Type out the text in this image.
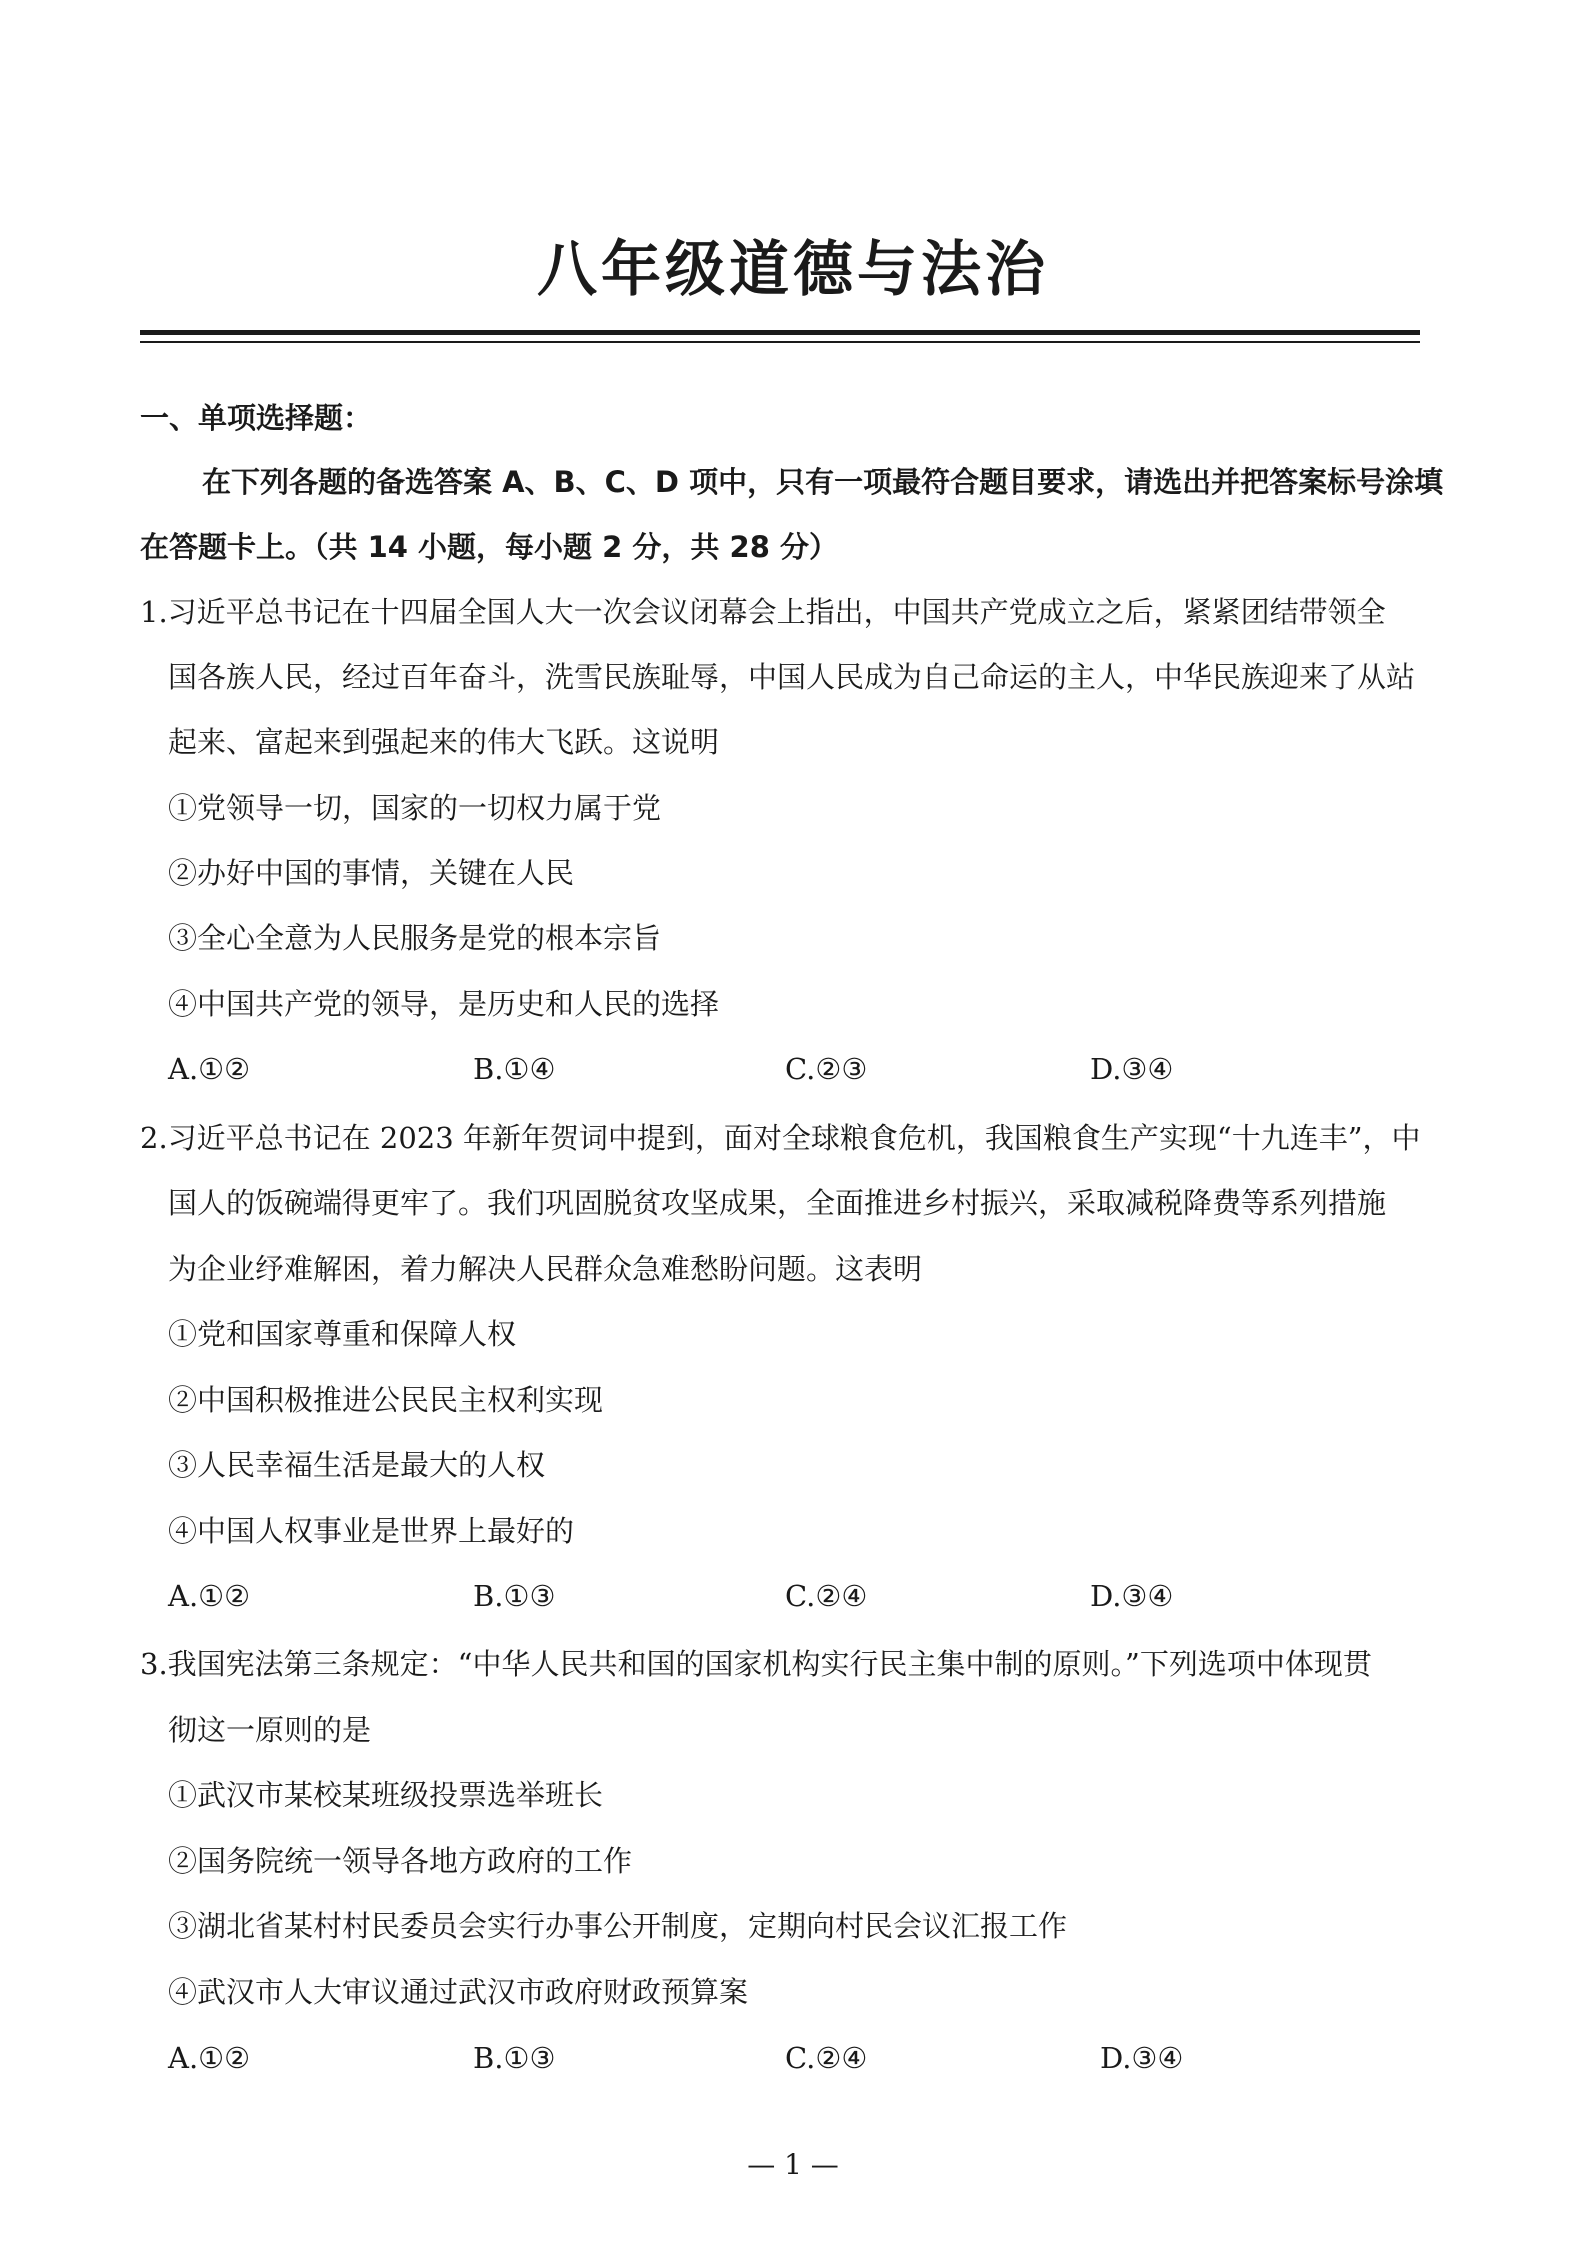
八年级道德与法治
一、单项选择题：
在下列各题的备选答案 A、B、C、D 项中，只有一项最符合题目要求，请选出并把答案标号涂填
在答题卡上。（共 14 小题，每小题 2 分，共 28 分）
1.习近平总书记在十四届全国人大一次会议闭幕会上指出，中国共产党成立之后，紧紧团结带领全
国各族人民，经过百年奋斗，洗雪民族耻辱，中国人民成为自己命运的主人，中华民族迎来了从站
起来、富起来到强起来的伟大飞跃。这说明
①党领导一切，国家的一切权力属于党
②办好中国的事情，关键在人民
③全心全意为人民服务是党的根本宗旨
④中国共产党的领导，是历史和人民的选择
A.①②	B.①④	C.②③	D.③④
2.习近平总书记在 2023 年新年贺词中提到，面对全球粮食危机，我国粮食生产实现“十九连丰”，中
国人的饭碗端得更牢了。我们巩固脱贫攻坚成果，全面推进乡村振兴，采取减税降费等系列措施
为企业纾难解困，着力解决人民群众急难愁盼问题。这表明
①党和国家尊重和保障人权
②中国积极推进公民民主权利实现
③人民幸福生活是最大的人权
④中国人权事业是世界上最好的
A.①②	B.①③	C.②④	D.③④
3.我国宪法第三条规定：“中华人民共和国的国家机构实行民主集中制的原则。”下列选项中体现贯
彻这一原则的是
①武汉市某校某班级投票选举班长
②国务院统一领导各地方政府的工作
③湖北省某村村民委员会实行办事公开制度，定期向村民会议汇报工作
④武汉市人大审议通过武汉市政府财政预算案
A.①②	B.①③	C.②④	D.③④
— 1 —
